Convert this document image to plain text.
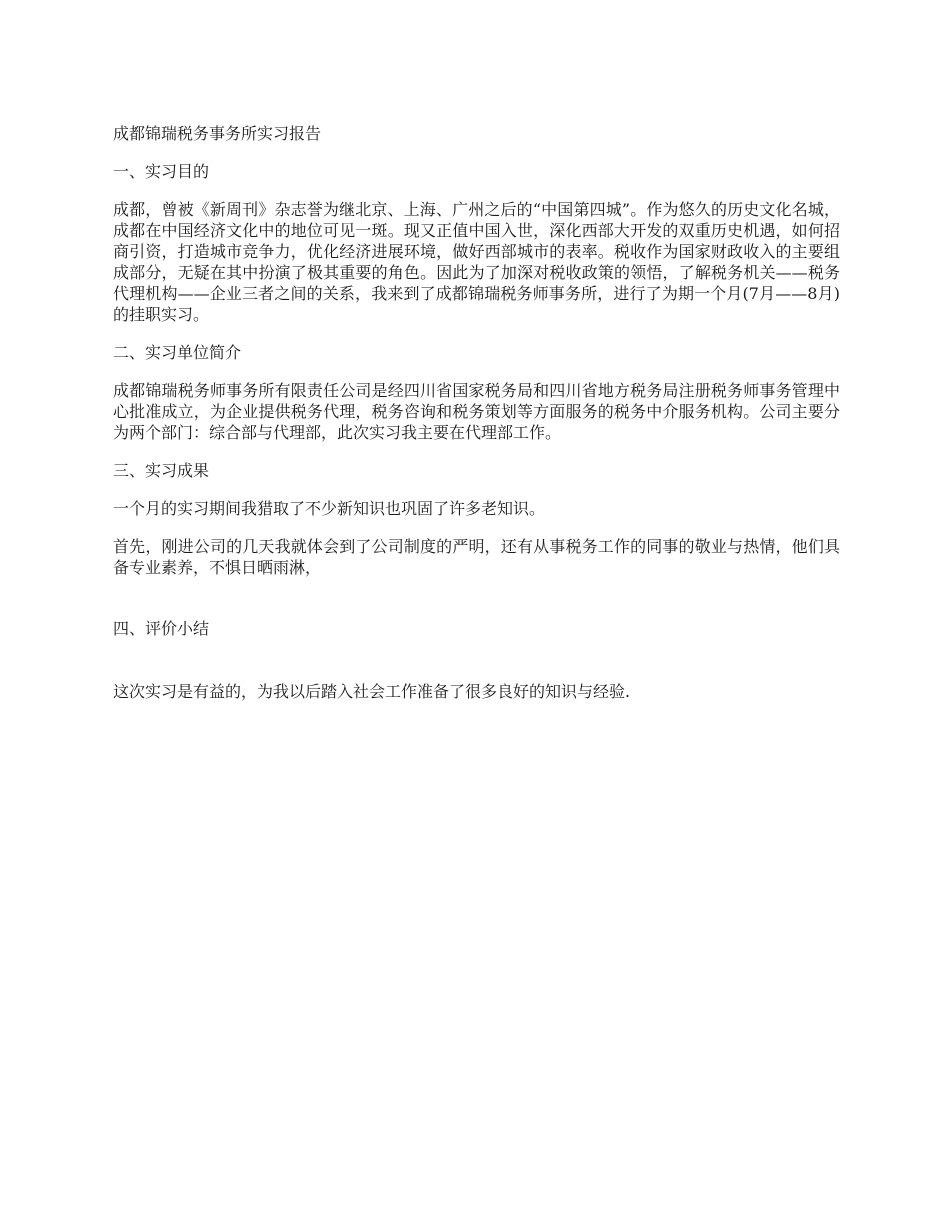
成都锦瑞税务事务所实习报告

一、实习目的

成都，曾被《新周刊》杂志誉为继北京、上海、广州之后的“中国第四城”。作为悠久的历史文化名城，成都在中国经济文化中的地位可见一斑。现又正值中国入世，深化西部大开发的双重历史机遇，如何招商引资，打造城市竞争力，优化经济进展环境，做好西部城市的表率。税收作为国家财政收入的主要组成部分，无疑在其中扮演了极其重要的角色。因此为了加深对税收政策的领悟，了解税务机关——税务代理机构——企业三者之间的关系，我来到了成都锦瑞税务师事务所，进行了为期一个月(7月——8月)的挂职实习。

二、实习单位简介

成都锦瑞税务师事务所有限责任公司是经四川省国家税务局和四川省地方税务局注册税务师事务管理中心批准成立，为企业提供税务代理，税务咨询和税务策划等方面服务的税务中介服务机构。公司主要分为两个部门：综合部与代理部，此次实习我主要在代理部工作。

三、实习成果

一个月的实习期间我猎取了不少新知识也巩固了许多老知识。

首先，刚进公司的几天我就体会到了公司制度的严明，还有从事税务工作的同事的敬业与热情，他们具备专业素养，不惧日晒雨淋，

四、评价小结

这次实习是有益的，为我以后踏入社会工作准备了很多良好的知识与经验.
